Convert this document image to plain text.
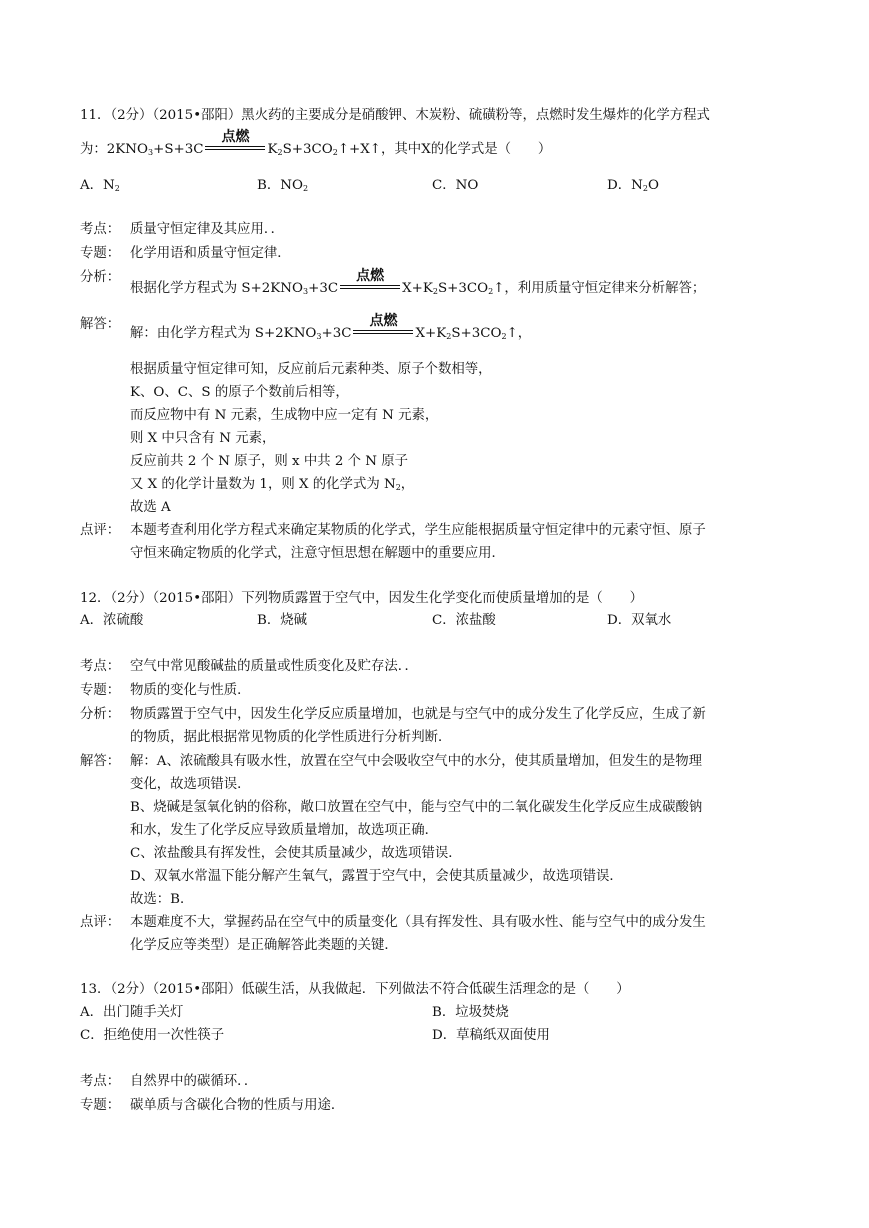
11．（2分）（2015•邵阳）黑火药的主要成分是硝酸钾、木炭粉、硫磺粉等，点燃时发生爆炸的化学方程式
为：$2KNO_3+S+3C$
点燃
$K_2S+3CO_2↑+X↑$，其中X的化学式是（　　）
A．$N_2$	B．$NO_2$	C．NO	D．$N_2O$
考点： 质量守恒定律及其应用．．
专题： 化学用语和质量守恒定律．
分析：
根据化学方程式为 $S+2KNO_3+3C$
点燃
$X+K_2S+3CO_2↑$，利用质量守恒定律来分析解答；
解答：
解：由化学方程式为 $S+2KNO_3+3C$
点燃
$X+K_2S+3CO_2↑$，
根据质量守恒定律可知，反应前后元素种类、原子个数相等，
K、O、C、S 的原子个数前后相等，
而反应物中有 N 元素，生成物中应一定有 N 元素，
则 X 中只含有 N 元素，
反应前共 2 个 N 原子，则 x 中共 2 个 N 原子
又 X 的化学计量数为 1，则 X 的化学式为 $N_2$，
故选 A
点评： 本题考查利用化学方程式来确定某物质的化学式，学生应能根据质量守恒定律中的元素守恒、原子
守恒来确定物质的化学式，注意守恒思想在解题中的重要应用．
12．（2分）（2015•邵阳）下列物质露置于空气中，因发生化学变化而使质量增加的是（　　）
A．浓硫酸	B．烧碱	C．浓盐酸	D．双氧水
考点： 空气中常见酸碱盐的质量或性质变化及贮存法．．
专题： 物质的变化与性质．
分析： 物质露置于空气中，因发生化学反应质量增加，也就是与空气中的成分发生了化学反应，生成了新
的物质，据此根据常见物质的化学性质进行分析判断．
解答： 解：A、浓硫酸具有吸水性，放置在空气中会吸收空气中的水分，使其质量增加，但发生的是物理
变化，故选项错误．
B、烧碱是氢氧化钠的俗称，敞口放置在空气中，能与空气中的二氧化碳发生化学反应生成碳酸钠
和水，发生了化学反应导致质量增加，故选项正确．
C、浓盐酸具有挥发性，会使其质量减少，故选项错误．
D、双氧水常温下能分解产生氧气，露置于空气中，会使其质量减少，故选项错误．
故选：B．
点评： 本题难度不大，掌握药品在空气中的质量变化（具有挥发性、具有吸水性、能与空气中的成分发生
化学反应等类型）是正确解答此类题的关键．
13．（2分）（2015•邵阳）低碳生活，从我做起．下列做法不符合低碳生活理念的是（　　）
A．出门随手关灯	B．垃圾焚烧
C．拒绝使用一次性筷子	D．草稿纸双面使用
考点： 自然界中的碳循环．．
专题： 碳单质与含碳化合物的性质与用途．
